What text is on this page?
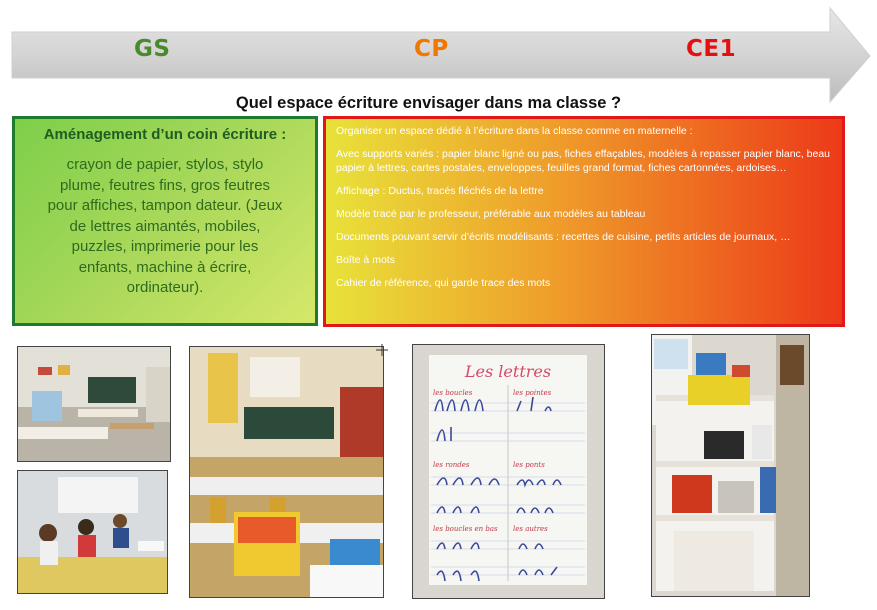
GS	CP	CE1
Quel espace écriture envisager dans ma classe ?
Aménagement d’un coin écriture :
crayon de papier, stylos, stylo
plume, feutres fins, gros feutres
pour affiches, tampon dateur. (Jeux
de lettres aimantés, mobiles,
puzzles, imprimerie pour les
enfants, machine à écrire,
ordinateur).

Organiser un espace dédié à l’écriture dans la classe comme en maternelle :

Avec supports variés : papier blanc ligné ou pas, fiches effaçables, modèles à repasser papier blanc, beau papier à lettres, cartes postales, enveloppes, feuilles grand format, fiches cartonnées, ardoises…

Affichage : Ductus, tracés fléchés de la lettre

Modèle tracé par le professeur, préférable aux modèles au tableau

Documents pouvant servir d’écrits modélisants : recettes de cuisine, petits articles de journaux, …

Boîte à mots

Cahier de référence, qui garde trace des mots

Les lettres
les boucles	les pointes
les rondes	les ponts
les boucles en bas les autres
